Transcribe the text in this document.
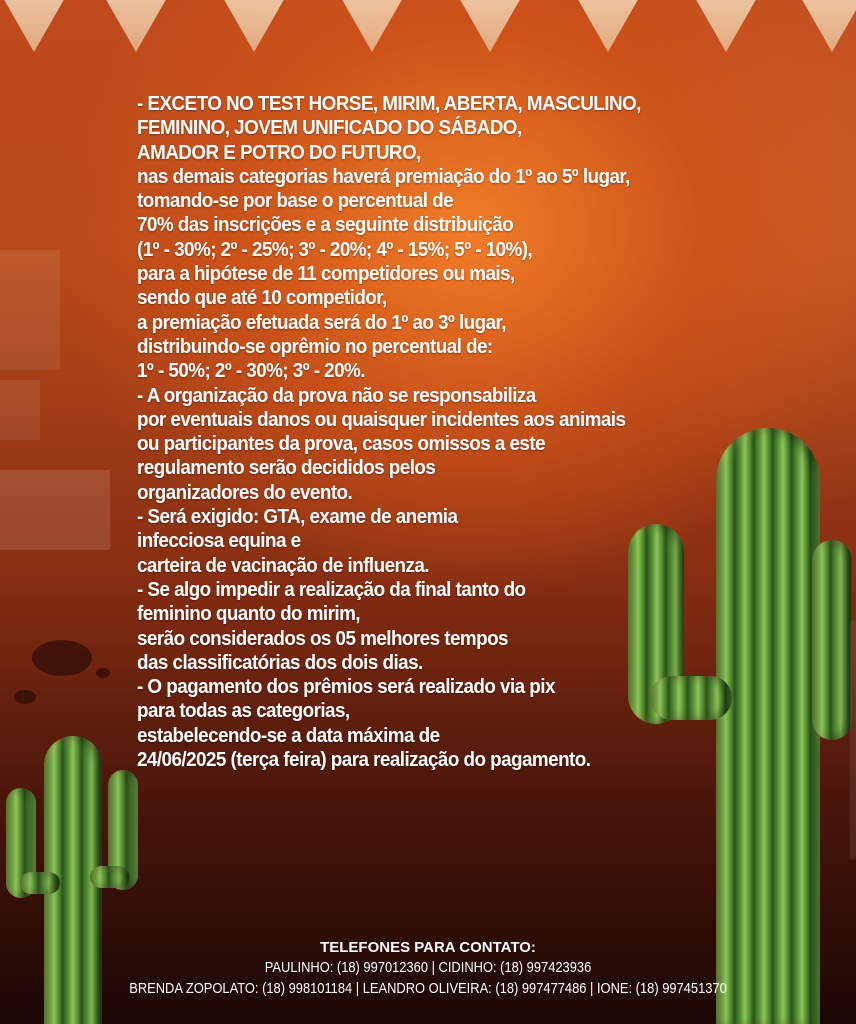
- EXCETO NO TEST HORSE, MIRIM, ABERTA, MASCULINO,
FEMININO, JOVEM UNIFICADO DO SÁBADO,
AMADOR E POTRO DO FUTURO,
nas demais categorias haverá premiação do 1º ao 5º lugar,
tomando-se por base o percentual de
70% das inscrições e a seguinte distribuição
(1º - 30%; 2º - 25%; 3º - 20%; 4º - 15%; 5º - 10%),
para a hipótese de 11 competidores ou mais,
sendo que até 10 competidor,
a premiação efetuada será do 1º ao 3º lugar,
distribuindo-se oprêmio no percentual de:
1º - 50%; 2º - 30%; 3º - 20%.
- A organização da prova não se responsabiliza
por eventuais danos ou quaisquer incidentes aos animais
ou participantes da prova, casos omissos a este
regulamento serão decididos pelos
organizadores do evento.
- Será exigido: GTA, exame de anemia
infecciosa equina e
carteira de vacinação de influenza.
- Se algo impedir a realização da final tanto do
feminino quanto do mirim,
serão considerados os 05 melhores tempos
das classificatórias dos dois dias.
- O pagamento dos prêmios será realizado via pix
para todas as categorias,
estabelecendo-se a data máxima de
24/06/2025 (terça feira) para realização do pagamento.
TELEFONES PARA CONTATO:
PAULINHO: (18) 997012360 | CIDINHO: (18) 997423936
BRENDA ZOPOLATO: (18) 998101184 | LEANDRO OLIVEIRA: (18) 997477486 | IONE: (18) 997451370
